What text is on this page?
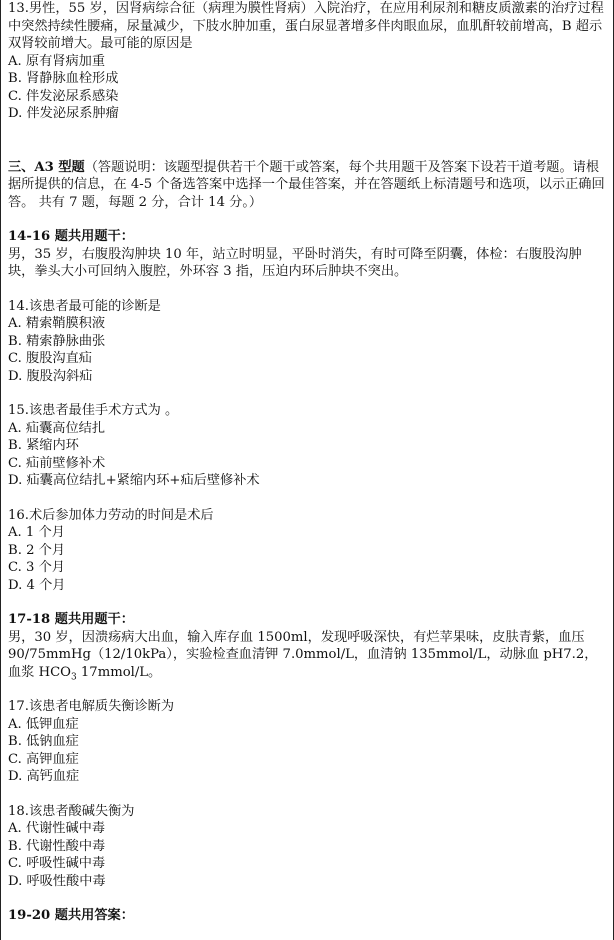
13.男性，55 岁，因肾病综合征（病理为膜性肾病）入院治疗，在应用利尿剂和糖皮质激素的治疗过程中突然持续性腰痛，尿量减少，下肢水肿加重，蛋白尿显著增多伴肉眼血尿，血肌酐较前增高，B 超示双肾较前增大。最可能的原因是

A. 原有肾病加重

B. 肾静脉血栓形成

C. 伴发泌尿系感染

D. 伴发泌尿系肿瘤

三、A3 型题（答题说明：该题型提供若干个题干或答案，每个共用题干及答案下设若干道考题。请根据所提供的信息，在 4-5 个备选答案中选择一个最佳答案，并在答题纸上标清题号和选项，以示正确回答。 共有 7 题，每题 2 分，合计 14 分。）

14-16 题共用题干：

男，35 岁，右腹股沟肿块 10 年，站立时明显，平卧时消失，有时可降至阴囊，体检：右腹股沟肿块，拳头大小可回纳入腹腔，外环容 3 指，压迫内环后肿块不突出。

14.该患者最可能的诊断是

A. 精索鞘膜积液

B. 精索静脉曲张

C. 腹股沟直疝

D. 腹股沟斜疝

15.该患者最佳手术方式为 。

A. 疝囊高位结扎

B. 紧缩内环

C. 疝前壁修补术

D. 疝囊高位结扎+紧缩内环+疝后壁修补术

16.术后参加体力劳动的时间是术后

A. 1 个月

B. 2 个月

C. 3 个月

D. 4 个月

17-18 题共用题干：

男，30 岁，因溃疡病大出血，输入库存血 1500ml，发现呼吸深快，有烂苹果味，皮肤青紫，血压 90/75mmHg（12/10kPa），实验检查血清钾 7.0mmol/L，血清钠 135mmol/L，动脉血 pH7.2，血浆 $HCO_3$ 17mmol/L。

17.该患者电解质失衡诊断为

A. 低钾血症

B. 低钠血症

C. 高钾血症

D. 高钙血症

18.该患者酸碱失衡为

A. 代谢性碱中毒

B. 代谢性酸中毒

C. 呼吸性碱中毒

D. 呼吸性酸中毒

19-20 题共用答案：
